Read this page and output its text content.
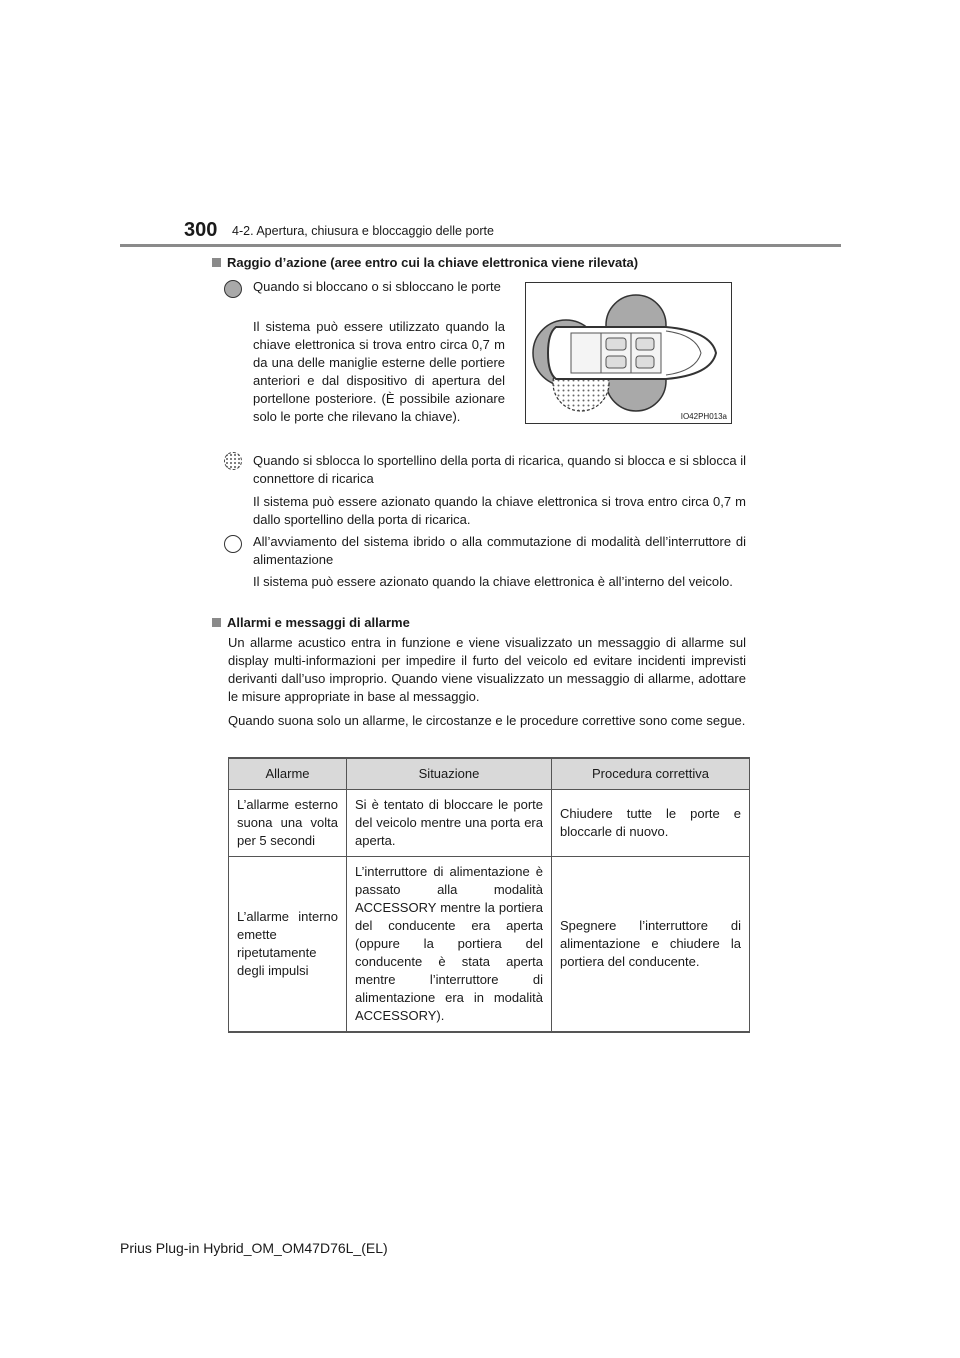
300 4-2. Apertura, chiusura e bloccaggio delle porte
Raggio d’azione (aree entro cui la chiave elettronica viene rilevata)
Quando si bloccano o si sbloccano le porte
Il sistema può essere utilizzato quando la chiave elettronica si trova entro circa 0,7 m da una delle maniglie esterne delle portiere anteriori e dal dispositivo di apertura del portellone posteriore. (È possibile azionare solo le porte che rilevano la chiave).	IO42PH013a
Quando si sblocca lo sportellino della porta di ricarica, quando si blocca e si sblocca il connettore di ricarica
Il sistema può essere azionato quando la chiave elettronica si trova entro circa 0,7 m dallo sportellino della porta di ricarica.
All’avviamento del sistema ibrido o alla commutazione di modalità dell’interruttore di alimentazione
Il sistema può essere azionato quando la chiave elettronica è all’interno del veicolo.
Allarmi e messaggi di allarme
Un allarme acustico entra in funzione e viene visualizzato un messaggio di allarme sul display multi-informazioni per impedire il furto del veicolo ed evitare incidenti imprevisti derivanti dall’uso improprio. Quando viene visualizzato un messaggio di allarme, adottare le misure appropriate in base al messaggio.
Quando suona solo un allarme, le circostanze e le procedure correttive sono come segue.
Allarme	Situazione	Procedura correttiva
L’allarme esterno suona una volta per 5 secondi	Si è tentato di bloccare le porte del veicolo mentre una porta era aperta.	Chiudere tutte le porte e bloccarle di nuovo.
L’allarme interno emette ripetutamente degli impulsi	L’interruttore di alimentazione è passato alla modalità ACCESSORY mentre la portiera del conducente era aperta (oppure la portiera del conducente è stata aperta mentre l’interruttore di alimentazione era in modalità ACCESSORY).	Spegnere l’interruttore di alimentazione e chiudere la portiera del conducente.
Prius Plug-in Hybrid_OM_OM47D76L_(EL)
